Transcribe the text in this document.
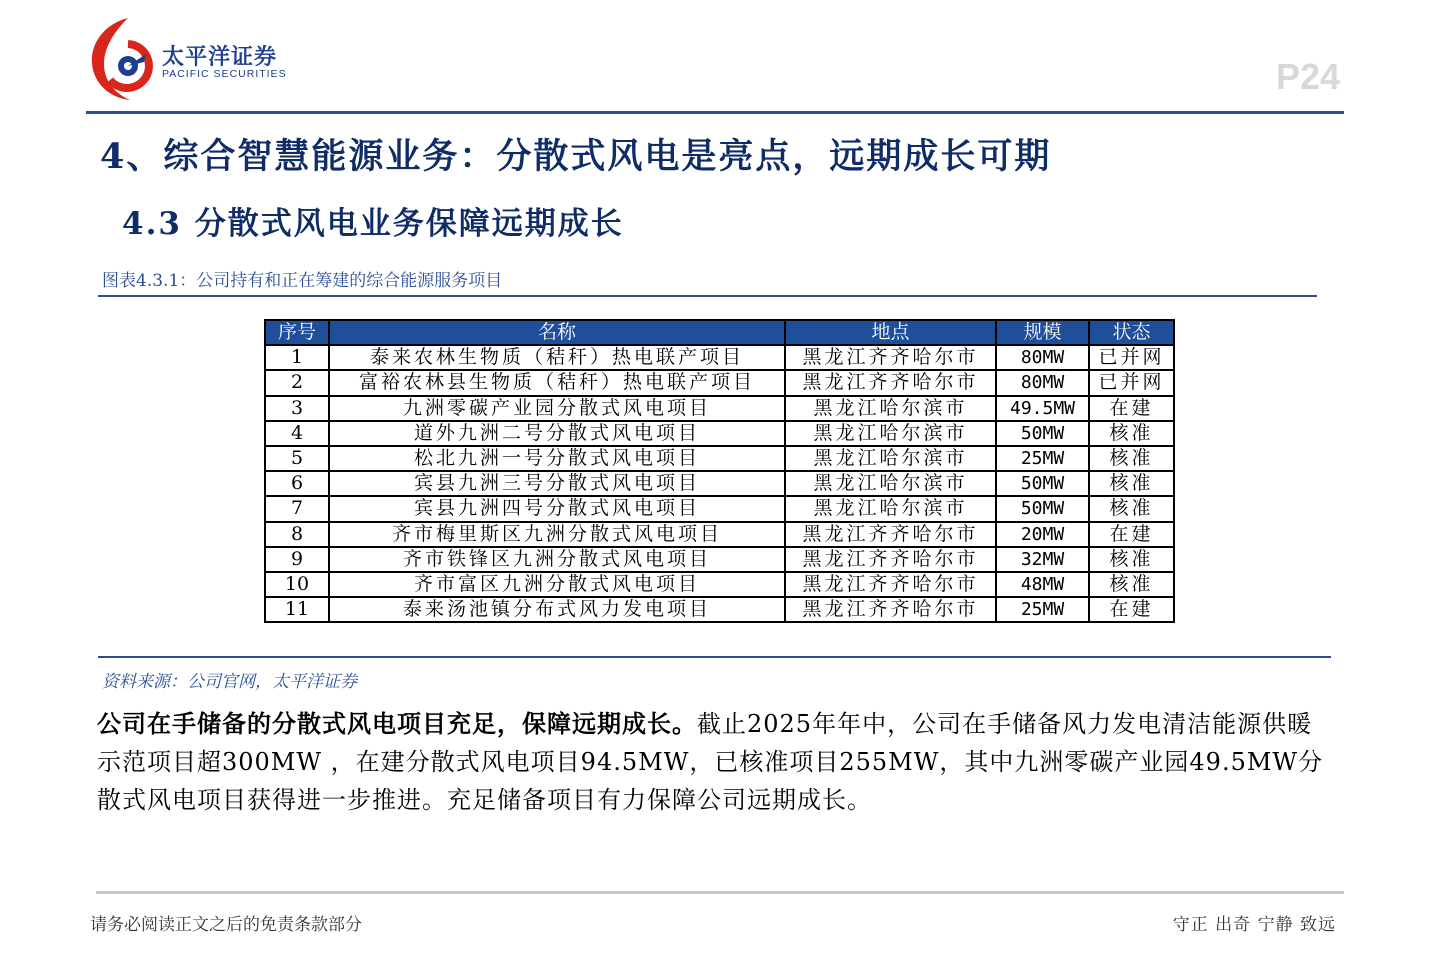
太平洋证券
PACIFIC SECURITIES	P24
4、综合智慧能源业务：分散式风电是亮点，远期成长可期
4.3 分散式风电业务保障远期成长
图表4.3.1：公司持有和正在筹建的综合能源服务项目
序号	名称	地点	规模	状态
1	泰来农林生物质（秸秆）热电联产项目	黑龙江齐齐哈尔市	80MW	已并网
2	富裕农林县生物质（秸秆）热电联产项目	黑龙江齐齐哈尔市	80MW	已并网
3	九洲零碳产业园分散式风电项目	黑龙江哈尔滨市	49.5MW	在建
4	道外九洲二号分散式风电项目	黑龙江哈尔滨市	50MW	核准
5	松北九洲一号分散式风电项目	黑龙江哈尔滨市	25MW	核准
6	宾县九洲三号分散式风电项目	黑龙江哈尔滨市	50MW	核准
7	宾县九洲四号分散式风电项目	黑龙江哈尔滨市	50MW	核准
8	齐市梅里斯区九洲分散式风电项目	黑龙江齐齐哈尔市	20MW	在建
9	齐市铁锋区九洲分散式风电项目	黑龙江齐齐哈尔市	32MW	核准
10	齐市富区九洲分散式风电项目	黑龙江齐齐哈尔市	48MW	核准
11	泰来汤池镇分布式风力发电项目	黑龙江齐齐哈尔市	25MW	在建
资料来源：公司官网，太平洋证券
公司在手储备的分散式风电项目充足，保障远期成长。截止2025年年中，公司在手储备风力发电清洁能源供暖示范项目超300MW ，在建分散式风电项目94.5MW，已核准项目255MW，其中九洲零碳产业园49.5MW分散式风电项目获得进一步推进。充足储备项目有力保障公司远期成长。
请务必阅读正文之后的免责条款部分	守正 出奇 宁静 致远
